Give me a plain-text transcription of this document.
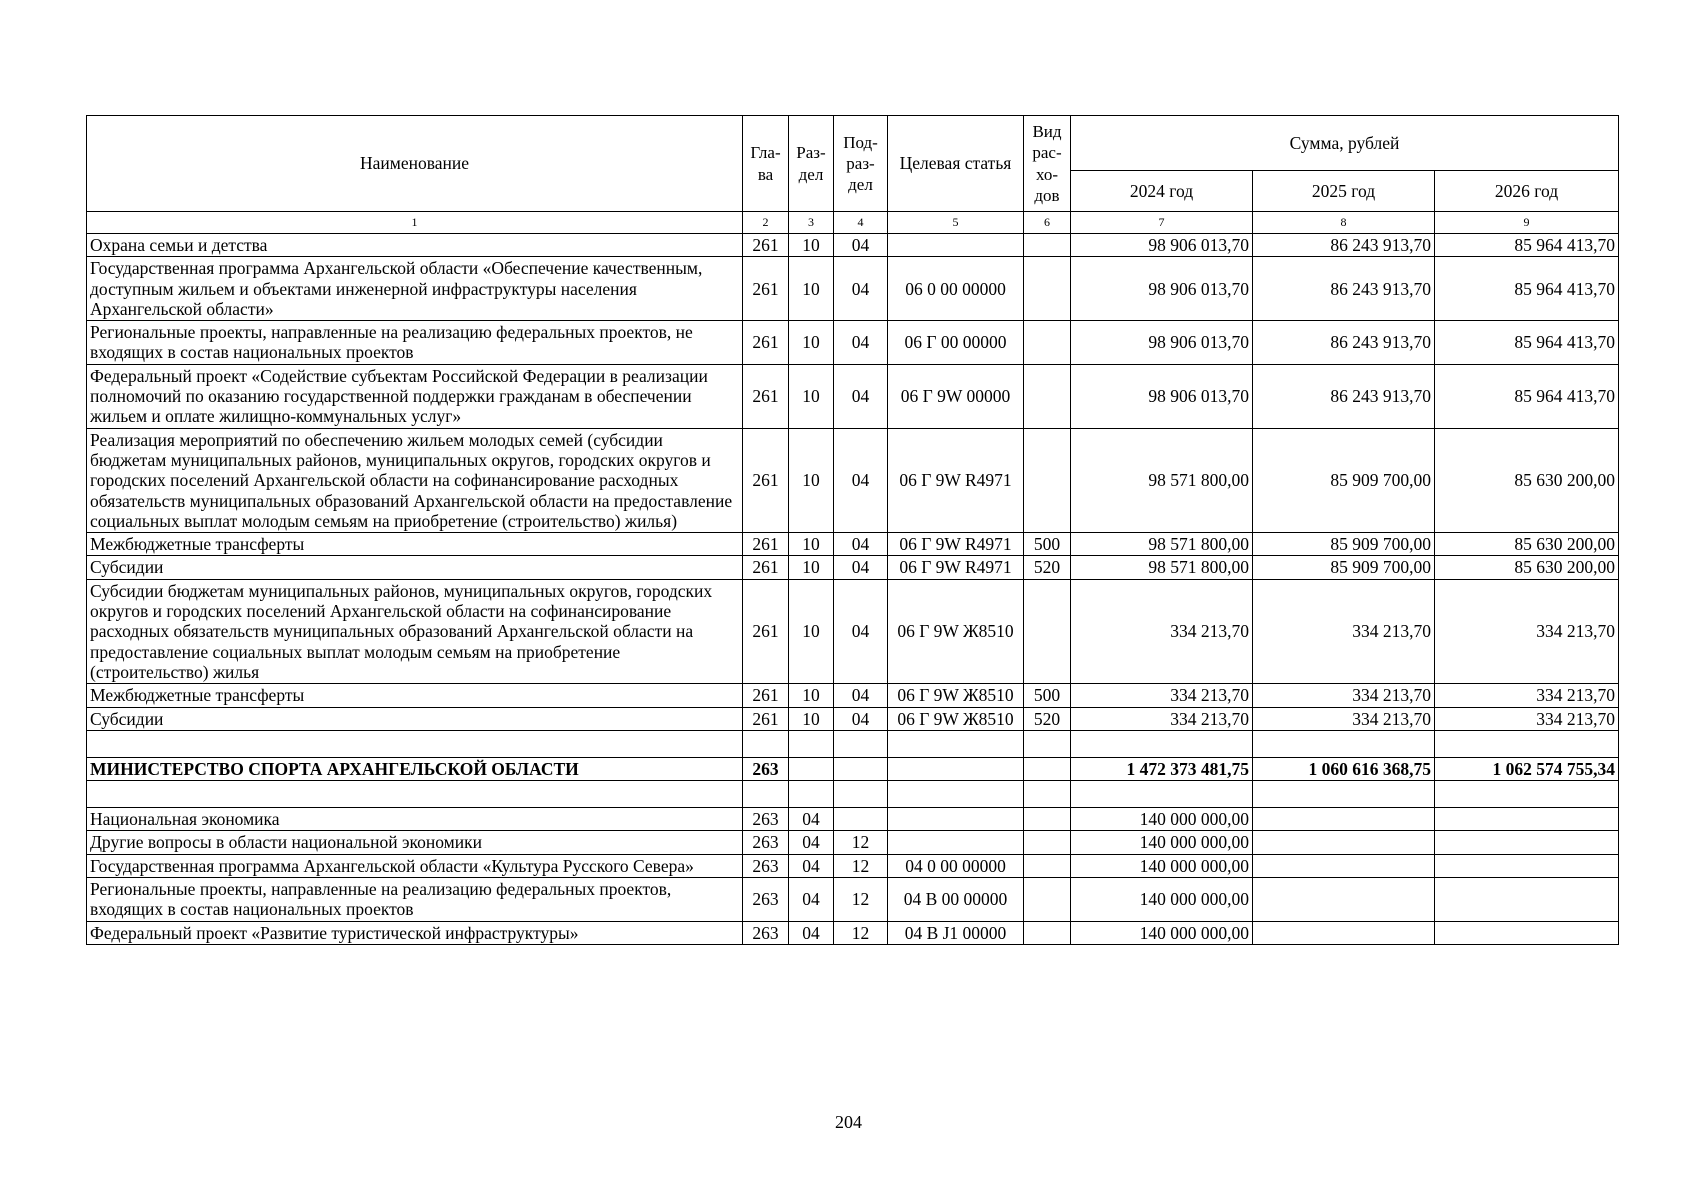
Наименование	Гла-ва	Раз-дел	Под-раз-дел	Целевая статья	Вид рас-хо-дов	Сумма, рублей		
						2024 год	2025 год	2026 год
1	2	3	4	5	6	7	8	9
Охрана семьи и детства	261	10	04			98 906 013,70	86 243 913,70	85 964 413,70
Государственная программа Архангельской области «Обеспечение качественным, доступным жильем и объектами инженерной инфраструктуры населения Архангельской области»	261	10	04	06 0 00 00000		98 906 013,70	86 243 913,70	85 964 413,70
Региональные проекты, направленные на реализацию федеральных проектов, не входящих в состав национальных проектов	261	10	04	06 Г 00 00000		98 906 013,70	86 243 913,70	85 964 413,70
Федеральный проект «Содействие субъектам Российской Федерации в реализации полномочий по оказанию государственной поддержки гражданам в обеспечении жильем и оплате жилищно-коммунальных услуг»	261	10	04	06 Г 9W 00000		98 906 013,70	86 243 913,70	85 964 413,70
Реализация мероприятий по обеспечению жильем молодых семей (субсидии бюджетам муниципальных районов, муниципальных округов, городских округов и городских поселений Архангельской области на софинансирование расходных обязательств муниципальных образований Архангельской области на предоставление социальных выплат молодым семьям на приобретение (строительство) жилья)	261	10	04	06 Г 9W R4971		98 571 800,00	85 909 700,00	85 630 200,00
Межбюджетные трансферты	261	10	04	06 Г 9W R4971	500	98 571 800,00	85 909 700,00	85 630 200,00
Субсидии	261	10	04	06 Г 9W R4971	520	98 571 800,00	85 909 700,00	85 630 200,00
Субсидии бюджетам муниципальных районов, муниципальных округов, городских округов и городских поселений Архангельской области на софинансирование расходных обязательств муниципальных образований Архангельской области на предоставление социальных выплат молодым семьям на приобретение (строительство) жилья	261	10	04	06 Г 9W Ж8510		334 213,70	334 213,70	334 213,70
Межбюджетные трансферты	261	10	04	06 Г 9W Ж8510	500	334 213,70	334 213,70	334 213,70
Субсидии	261	10	04	06 Г 9W Ж8510	520	334 213,70	334 213,70	334 213,70

МИНИСТЕРСТВО СПОРТА АРХАНГЕЛЬСКОЙ ОБЛАСТИ	263					1 472 373 481,75	1 060 616 368,75	1 062 574 755,34

Национальная экономика	263	04				140 000 000,00		
Другие вопросы в области национальной экономики	263	04	12			140 000 000,00		
Государственная программа Архангельской области «Культура Русского Севера»	263	04	12	04 0 00 00000		140 000 000,00		
Региональные проекты, направленные на реализацию федеральных проектов, входящих в состав национальных проектов	263	04	12	04 В 00 00000		140 000 000,00		
Федеральный проект «Развитие туристической инфраструктуры»	263	04	12	04 В J1 00000		140 000 000,00		
204
